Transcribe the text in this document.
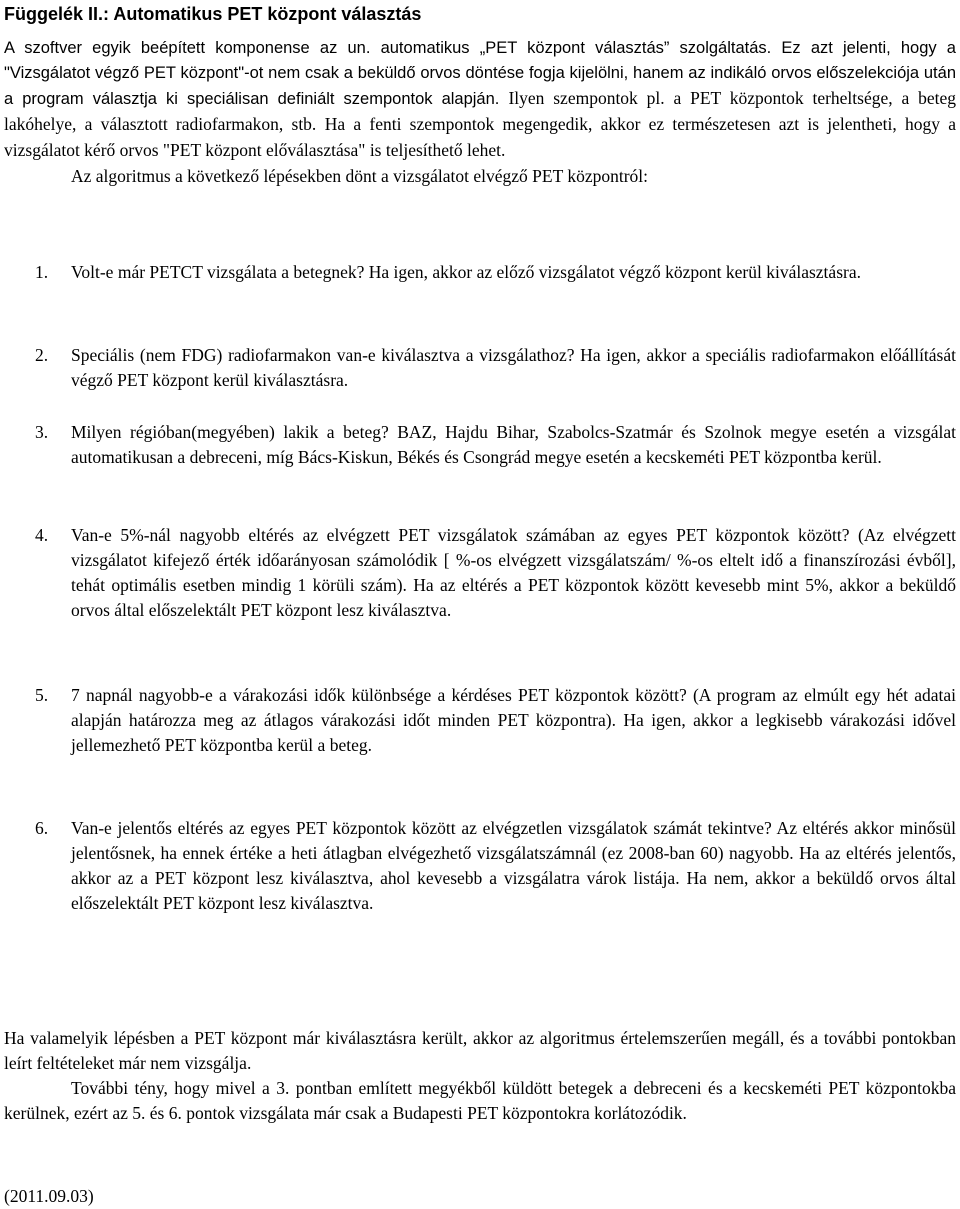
Függelék II.: Automatikus PET központ választás

A szoftver egyik beépített komponense az un. automatikus „PET központ választás” szolgáltatás. Ez azt jelenti, hogy a "Vizsgálatot végző PET központ"-ot nem csak a beküldő orvos döntése fogja kijelölni, hanem az indikáló orvos előszelekciója után a program választja ki speciálisan definiált szempontok alapján. Ilyen szempontok pl. a PET központok terheltsége, a beteg lakóhelye, a választott radiofarmakon, stb. Ha a fenti szempontok megengedik, akkor ez természetesen azt is jelentheti, hogy a vizsgálatot kérő orvos "PET központ előválasztása" is teljesíthető lehet.

Az algoritmus a következő lépésekben dönt a vizsgálatot elvégző PET központról:

1. Volt-e már PETCT vizsgálata a betegnek? Ha igen, akkor az előző vizsgálatot végző központ kerül kiválasztásra.
2. Speciális (nem FDG) radiofarmakon van-e kiválasztva a vizsgálathoz? Ha igen, akkor a speciális radiofarmakon előállítását végző PET központ kerül kiválasztásra.
3. Milyen régióban(megyében) lakik a beteg? BAZ, Hajdu Bihar, Szabolcs-Szatmár és Szolnok megye esetén a vizsgálat automatikusan a debreceni, míg Bács-Kiskun, Békés és Csongrád megye esetén a kecskeméti PET központba kerül.
4. Van-e 5%-nál nagyobb eltérés az elvégzett PET vizsgálatok számában az egyes PET központok között? (Az elvégzett vizsgálatot kifejező érték időarányosan számolódik [ %-os elvégzett vizsgálatszám/ %-os eltelt idő a finanszírozási évből], tehát optimális esetben mindig 1 körüli szám). Ha az eltérés a PET központok között kevesebb mint 5%, akkor a beküldő orvos által előszelektált PET központ lesz kiválasztva.
5. 7 napnál nagyobb-e a várakozási idők különbsége a kérdéses PET központok között? (A program az elmúlt egy hét adatai alapján határozza meg az átlagos várakozási időt minden PET központra). Ha igen, akkor a legkisebb várakozási idővel jellemezhető PET központba kerül a beteg.
6. Van-e jelentős eltérés az egyes PET központok között az elvégzetlen vizsgálatok számát tekintve? Az eltérés akkor minősül jelentősnek, ha ennek értéke a heti átlagban elvégezhető vizsgálatszámnál (ez 2008-ban 60) nagyobb. Ha az eltérés jelentős, akkor az a PET központ lesz kiválasztva, ahol kevesebb a vizsgálatra várok listája. Ha nem, akkor a beküldő orvos által előszelektált PET központ lesz kiválasztva.

Ha valamelyik lépésben a PET központ már kiválasztásra került, akkor az algoritmus értelemszerűen megáll, és a további pontokban leírt feltételeket már nem vizsgálja.

További tény, hogy mivel a 3. pontban említett megyékből küldött betegek a debreceni és a kecskeméti PET központokba kerülnek, ezért az 5. és 6. pontok vizsgálata már csak a Budapesti PET központokra korlátozódik.

(2011.09.03)
